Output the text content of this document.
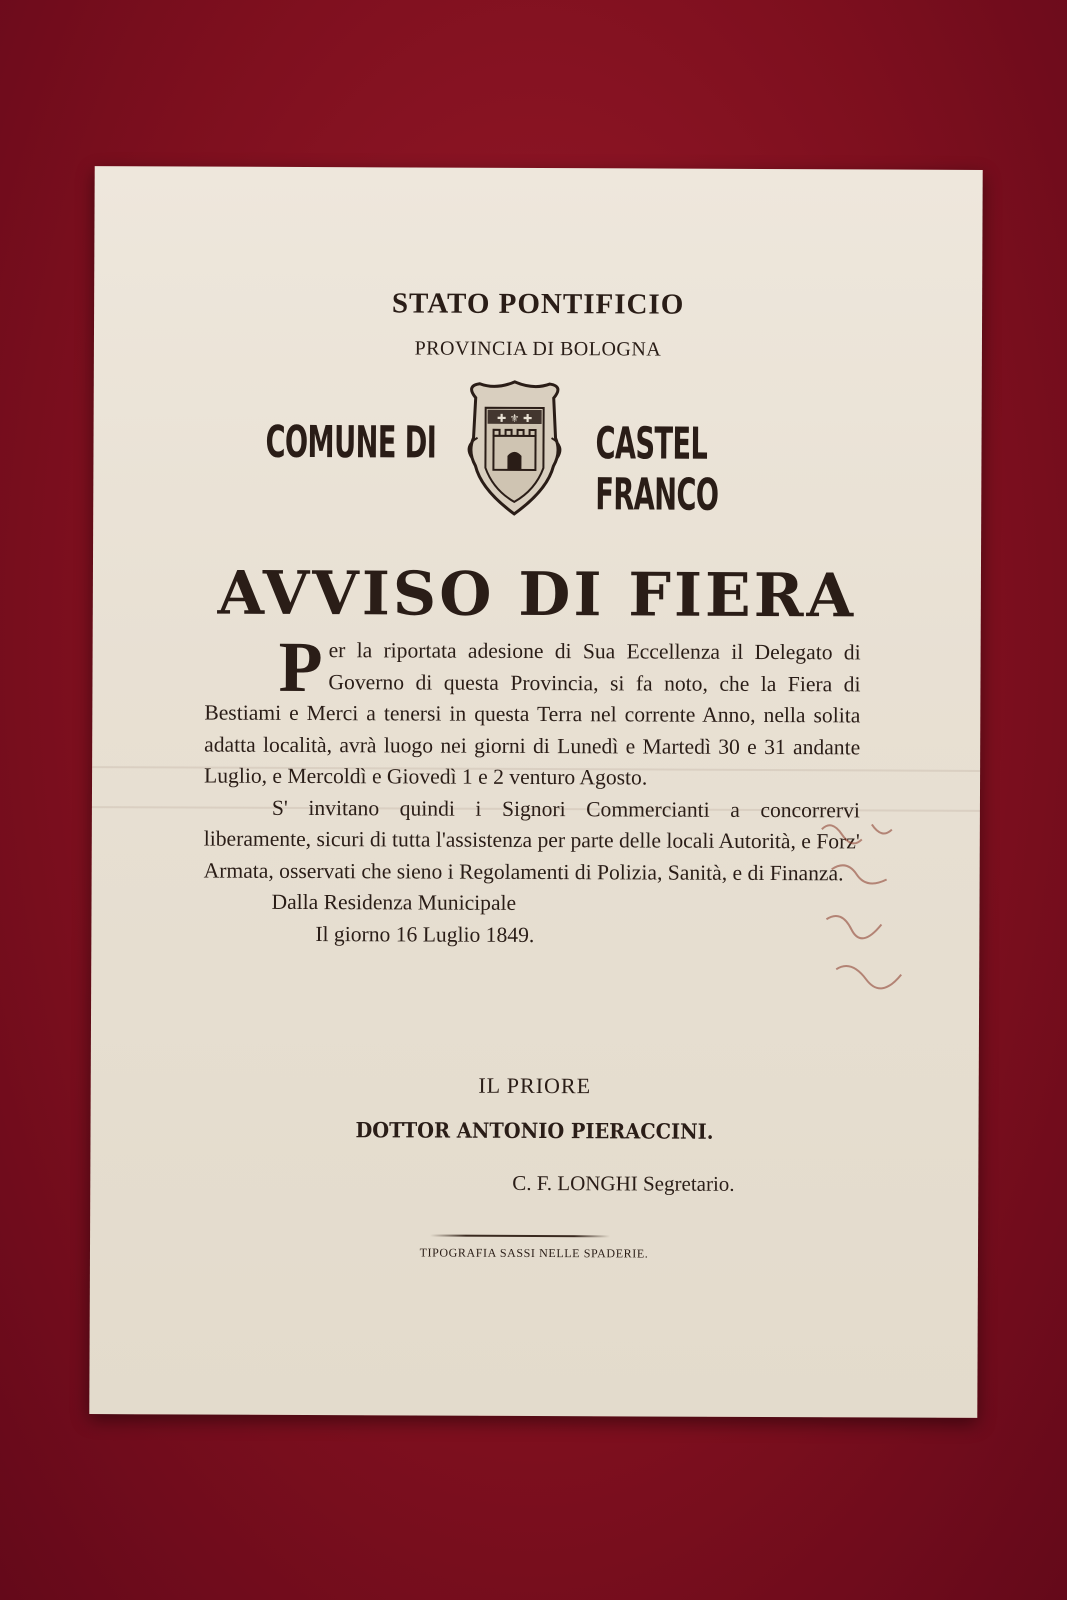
STATO PONTIFICIO
PROVINCIA DI BOLOGNA
COMUNE DI	✚ ⚜ ✚ CASTEL FRANCO
AVVISO DI FIERA

Per la riportata adesione di Sua Eccellenza il Delegato di Governo di questa Provincia, si fa noto, che la Fiera di Bestiami e Merci a tenersi in questa Terra nel corrente Anno, nella solita adatta località, avrà luogo nei giorni di Lunedì e Martedì 30 e 31 andante Luglio, e Mercoldì e Giovedì 1 e 2 venturo Agosto.

S' invitano quindi i Signori Commercianti a concorrervi liberamente, sicuri di tutta l'assistenza per parte delle locali Autorità, e Forz' Armata, osservati che sieno i Regolamenti di Polizia, Sanità, e di Finanza.

Dalla Residenza Municipale

Il giorno 16 Luglio 1849.

IL PRIORE
DOTTOR ANTONIO PIERACCINI.
C. F. LONGHI Segretario.
TIPOGRAFIA SASSI NELLE SPADERIE.
